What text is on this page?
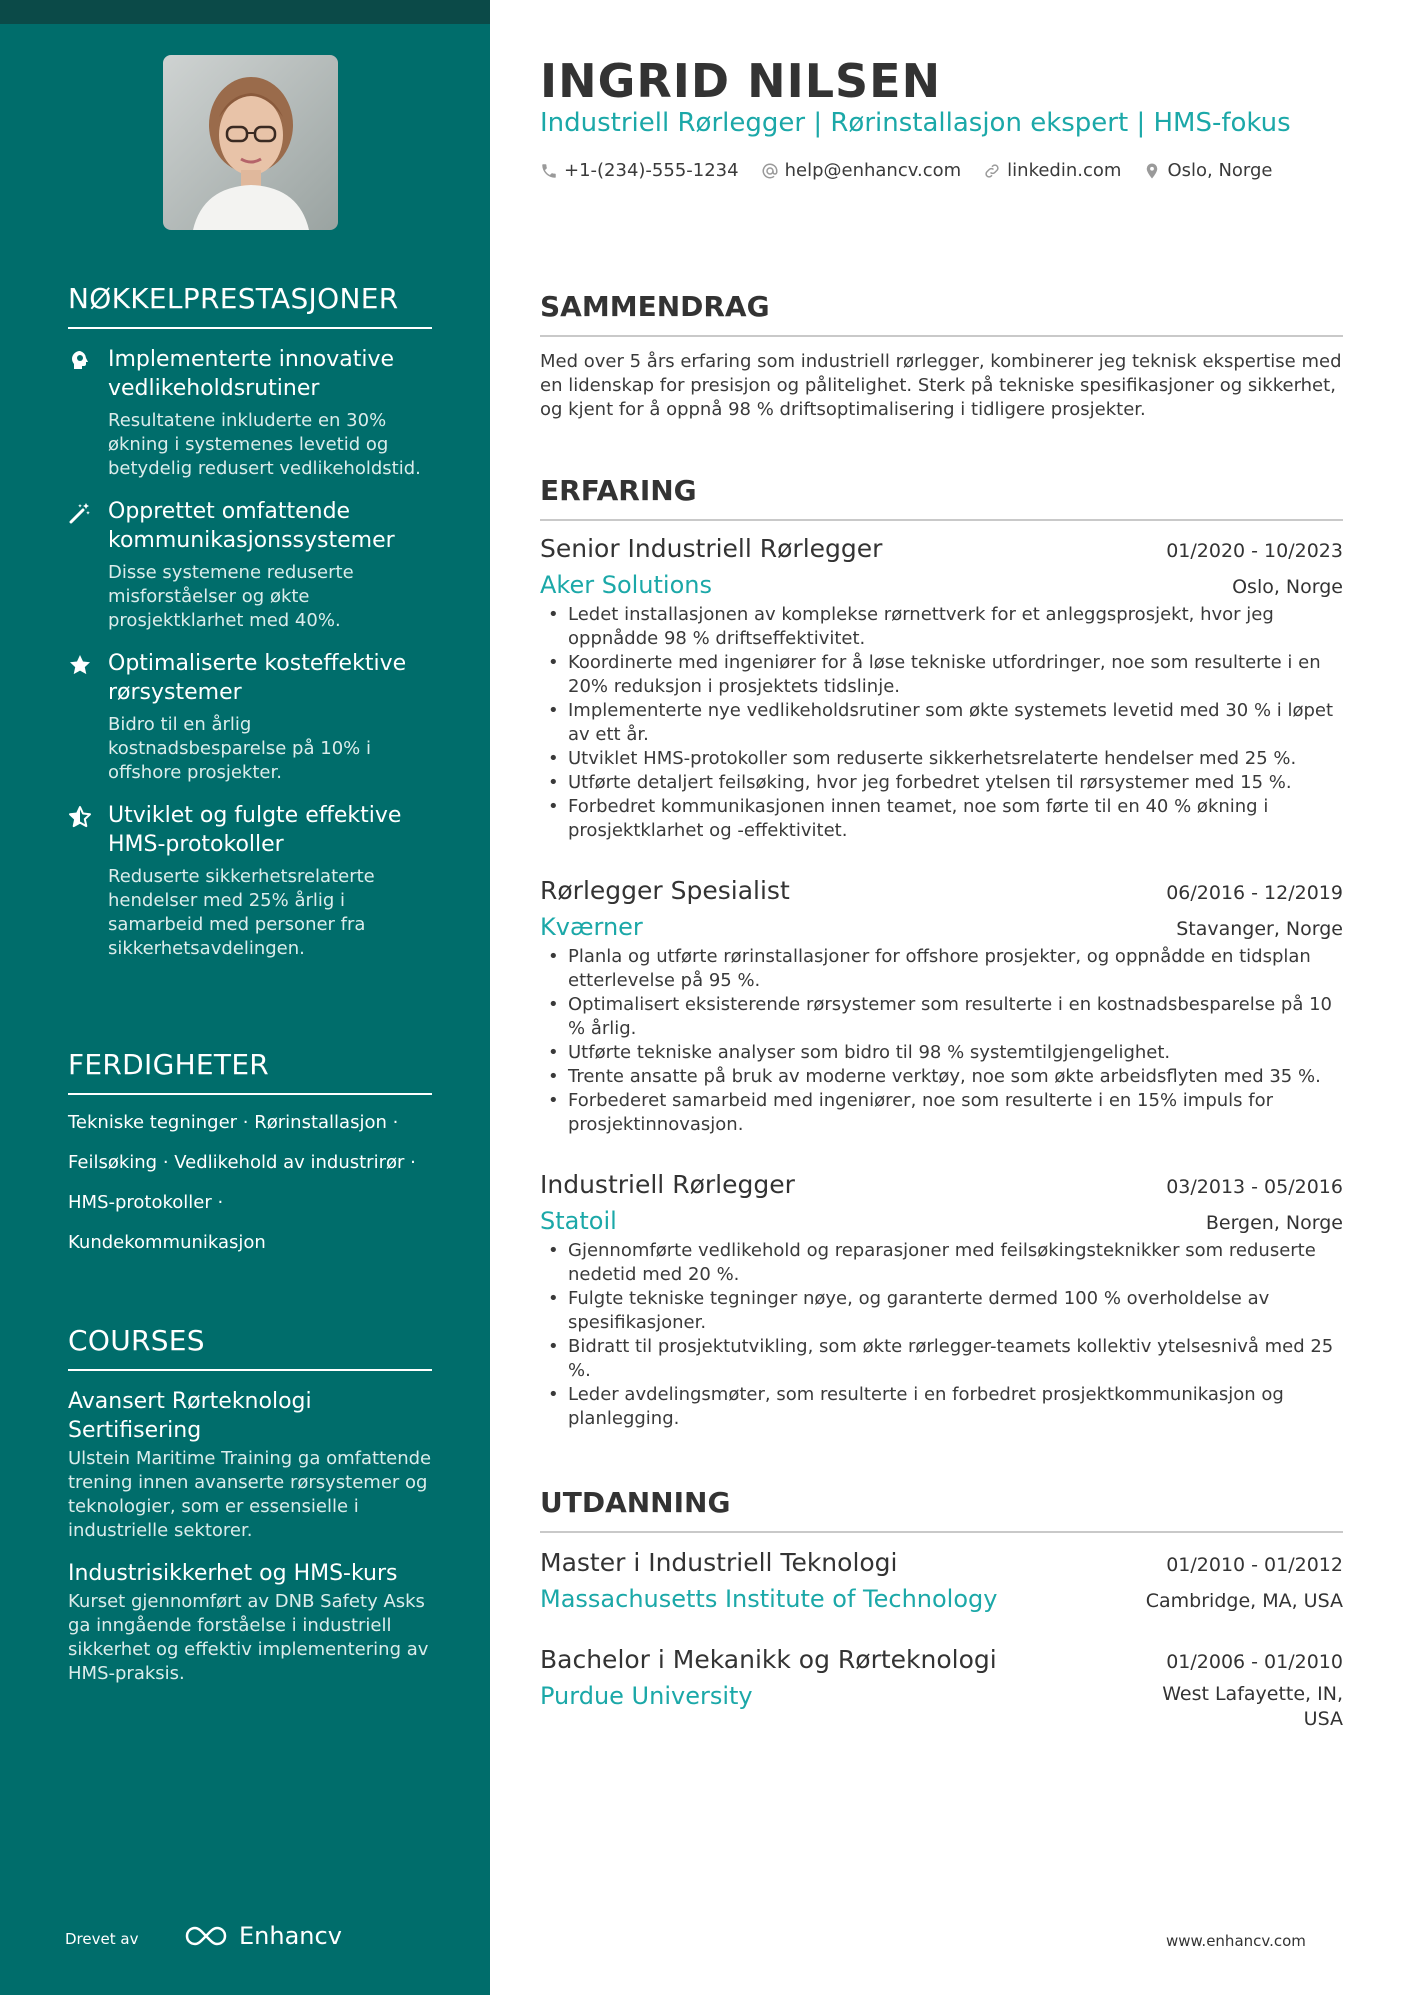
NØKKELPRESTASJONER
Implementerte innovative vedlikeholdsrutiner
Resultatene inkluderte en 30% økning i systemenes levetid og betydelig redusert vedlikeholdstid.
Opprettet omfattende kommunikasjonssystemer
Disse systemene reduserte misforståelser og økte prosjektklarhet med 40%.
Optimaliserte kosteffektive rørsystemer
Bidro til en årlig kostnadsbesparelse på 10% i offshore prosjekter.
Utviklet og fulgte effektive HMS-protokoller
Reduserte sikkerhetsrelaterte hendelser med 25% årlig i samarbeid med personer fra sikkerhetsavdelingen.
FERDIGHETER
Tekniske tegninger · Rørinstallasjon ·
Feilsøking · Vedlikehold av industrirør ·
HMS-protokoller ·
Kundekommunikasjon
COURSES
Avansert Rørteknologi Sertifisering
Ulstein Maritime Training ga omfattende trening innen avanserte rørsystemer og teknologier, som er essensielle i industrielle sektorer.
Industrisikkerhet og HMS-kurs
Kurset gjennomført av DNB Safety Asks ga inngående forståelse i industriell sikkerhet og effektiv implementering av HMS-praksis.
Drevet av	Enhancv
INGRID NILSEN
Industriell Rørlegger | Rørinstallasjon ekspert | HMS-fokus
+1-(234)-555-1234	help@enhancv.com	linkedin.com	Oslo, Norge
SAMMENDRAG

Med over 5 års erfaring som industriell rørlegger, kombinerer jeg teknisk ekspertise med en lidenskap for presisjon og pålitelighet. Sterk på tekniske spesifikasjoner og sikkerhet, og kjent for å oppnå 98 % driftsoptimalisering i tidligere prosjekter.

ERFARING
Senior Industriell Rørlegger	01/2020 - 10/2023
Aker Solutions	Oslo, Norge
• Ledet installasjonen av komplekse rørnettverk for et anleggsprosjekt, hvor jeg oppnådde 98 % driftseffektivitet.
• Koordinerte med ingeniører for å løse tekniske utfordringer, noe som resulterte i en 20% reduksjon i prosjektets tidslinje.
• Implementerte nye vedlikeholdsrutiner som økte systemets levetid med 30 % i løpet av ett år.
• Utviklet HMS-protokoller som reduserte sikkerhetsrelaterte hendelser med 25 %.
• Utførte detaljert feilsøking, hvor jeg forbedret ytelsen til rørsystemer med 15 %.
• Forbedret kommunikasjonen innen teamet, noe som førte til en 40 % økning i prosjektklarhet og -effektivitet.
Rørlegger Spesialist	06/2016 - 12/2019
Kværner	Stavanger, Norge
• Planla og utførte rørinstallasjoner for offshore prosjekter, og oppnådde en tidsplan etterlevelse på 95 %.
• Optimalisert eksisterende rørsystemer som resulterte i en kostnadsbesparelse på 10 % årlig.
• Utførte tekniske analyser som bidro til 98 % systemtilgjengelighet.
• Trente ansatte på bruk av moderne verktøy, noe som økte arbeidsflyten med 35 %.
• Forbederet samarbeid med ingeniører, noe som resulterte i en 15% impuls for prosjektinnovasjon.
Industriell Rørlegger	03/2013 - 05/2016
Statoil	Bergen, Norge
• Gjennomførte vedlikehold og reparasjoner med feilsøkingsteknikker som reduserte nedetid med 20 %.
• Fulgte tekniske tegninger nøye, og garanterte dermed 100 % overholdelse av spesifikasjoner.
• Bidratt til prosjektutvikling, som økte rørlegger-teamets kollektiv ytelsesnivå med 25 %.
• Leder avdelingsmøter, som resulterte i en forbedret prosjektkommunikasjon og planlegging.
UTDANNING
Master i Industriell Teknologi	01/2010 - 01/2012
Massachusetts Institute of Technology	Cambridge, MA, USA
Bachelor i Mekanikk og Rørteknologi	01/2006 - 01/2010
Purdue University	West Lafayette, IN, USA
www.enhancv.com
